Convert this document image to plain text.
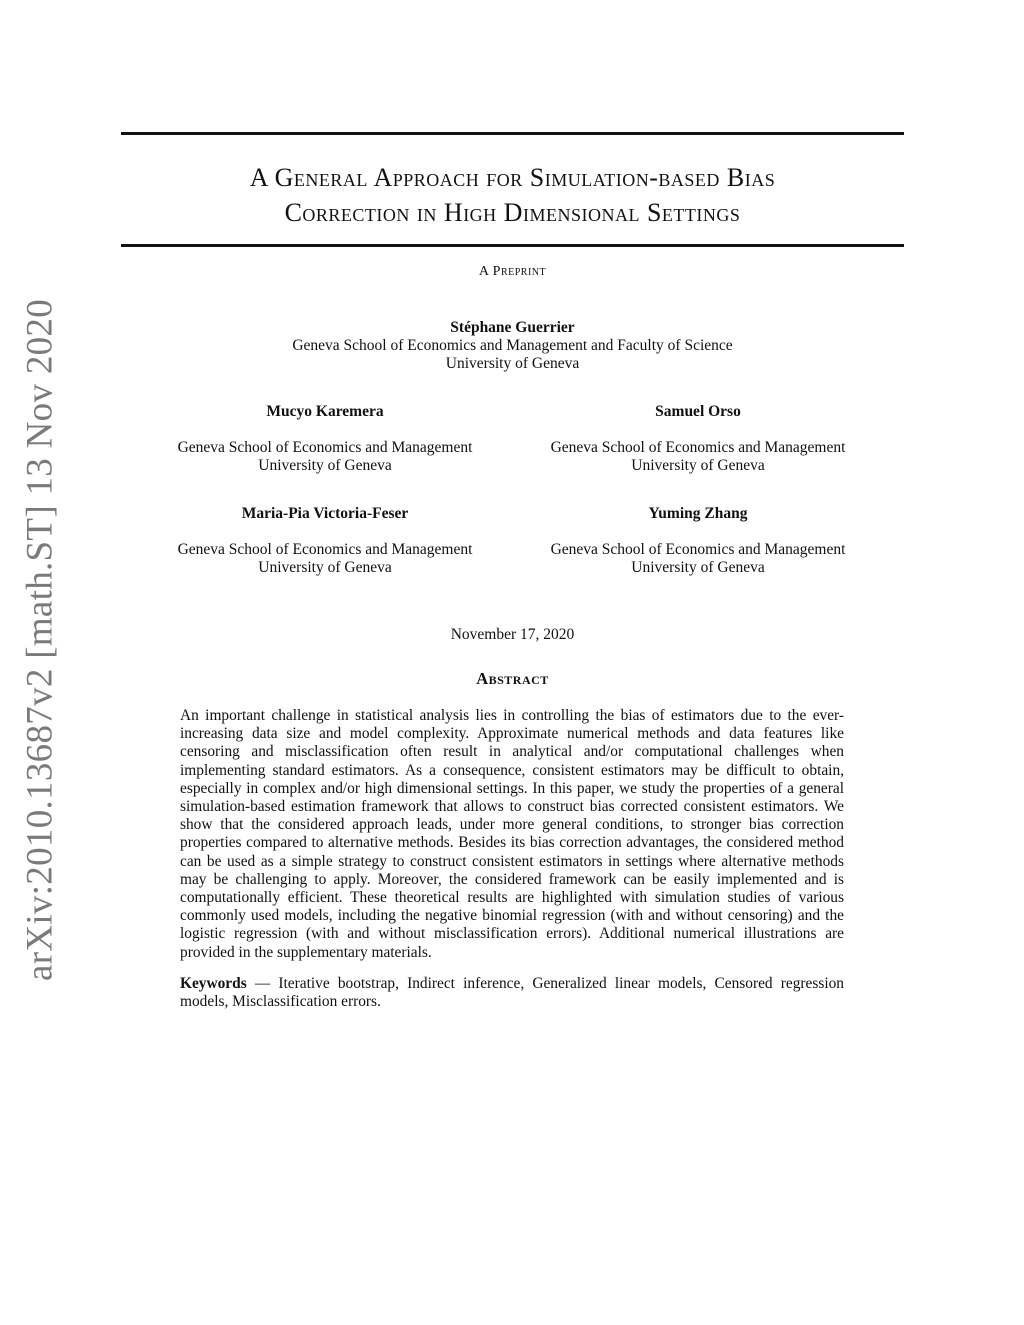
arXiv:2010.13687v2 [math.ST] 13 Nov 2020
A General Approach for Simulation-based Bias
Correction in High Dimensional Settings
A Preprint
Stéphane Guerrier
Geneva School of Economics and Management and Faculty of Science
University of Geneva
Mucyo Karemera
Geneva School of Economics and Management
University of Geneva
Samuel Orso
Geneva School of Economics and Management
University of Geneva
Maria-Pia Victoria-Feser
Geneva School of Economics and Management
University of Geneva
Yuming Zhang
Geneva School of Economics and Management
University of Geneva
November 17, 2020
Abstract
An important challenge in statistical analysis lies in controlling the bias of estimators due to the ever-increasing data size and model complexity. Approximate numerical methods and data features like censoring and misclassification often result in analytical and/or computational challenges when implementing standard estimators. As a consequence, consistent estimators may be difficult to obtain, especially in complex and/or high dimensional settings. In this paper, we study the properties of a general simulation-based estimation framework that allows to construct bias corrected consistent estimators. We show that the considered approach leads, under more general conditions, to stronger bias correction properties compared to alternative methods. Besides its bias correction advantages, the considered method can be used as a simple strategy to construct consistent estimators in settings where alternative methods may be challenging to apply. Moreover, the considered framework can be easily implemented and is computationally efficient. These theoretical results are highlighted with simulation studies of various commonly used models, including the negative binomial regression (with and without censoring) and the logistic regression (with and without misclassification errors). Additional numerical illustrations are provided in the supplementary materials.
Keywords — Iterative bootstrap, Indirect inference, Generalized linear models, Censored regression models, Misclassification errors.
